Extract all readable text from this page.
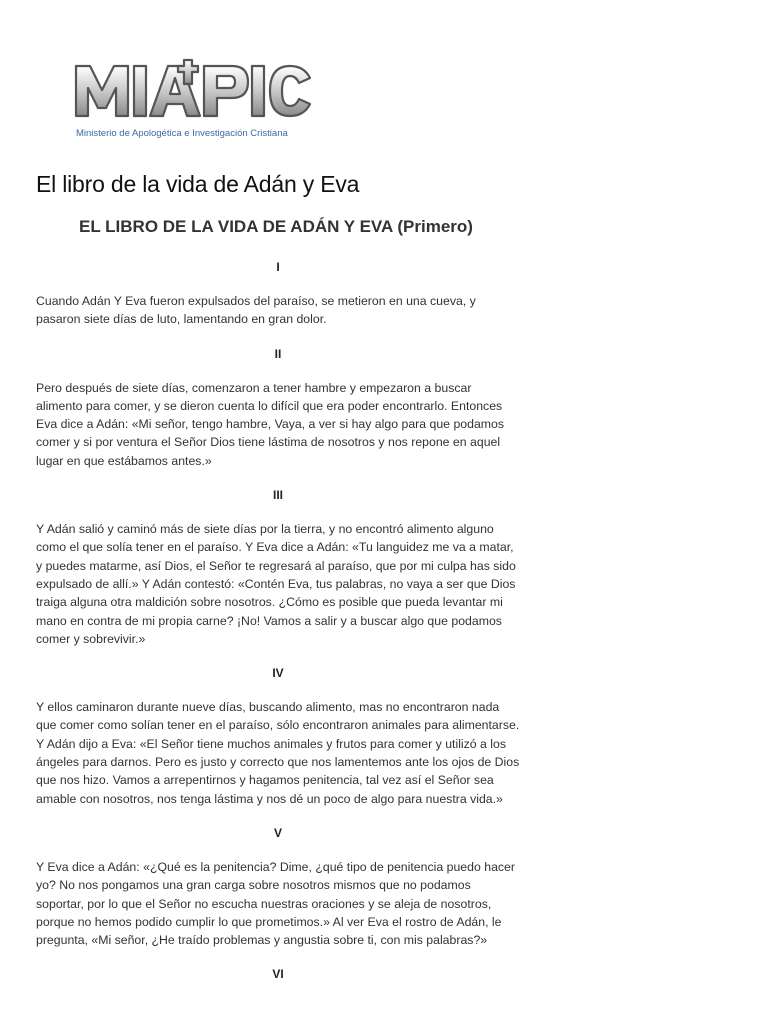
Ministerio de Apologética e Investigación Cristiana
El libro de la vida de Adán y Eva
EL LIBRO DE LA VIDA DE ADÁN Y EVA (Primero)

I

Cuando Adán Y Eva fueron expulsados del paraíso, se metieron en una cueva, y pasaron siete días de luto, lamentando en gran dolor.

II

Pero después de siete días, comenzaron a tener hambre y empezaron a buscar alimento para comer, y se dieron cuenta lo difícil que era poder encontrarlo. Entonces Eva dice a Adán: «Mi señor, tengo hambre, Vaya, a ver si hay algo para que podamos comer y si por ventura el Señor Dios tiene lástima de nosotros y nos repone en aquel lugar en que estábamos antes.»

III

Y Adán salió y caminó más de siete días por la tierra, y no encontró alimento alguno como el que solía tener en el paraíso. Y Eva dice a Adán: «Tu languidez me va a matar, y puedes matarme, así Dios, el Señor te regresará al paraíso, que por mi culpa has sido expulsado de allí.» Y Adán contestó: «Contén Eva, tus palabras, no vaya a ser que Dios traiga alguna otra maldición sobre nosotros. ¿Cómo es posible que pueda levantar mi mano en contra de mi propia carne? ¡No! Vamos a salir y a buscar algo que podamos comer y sobrevivir.»

IV

Y ellos caminaron durante nueve días, buscando alimento, mas no encontraron nada que comer como solían tener en el paraíso, sólo encontraron animales para alimentarse. Y Adán dijo a Eva: «El Señor tiene muchos animales y frutos para comer y utilizó a los ángeles para darnos. Pero es justo y correcto que nos lamentemos ante los ojos de Dios que nos hizo. Vamos a arrepentirnos y hagamos penitencia, tal vez así el Señor sea amable con nosotros, nos tenga lástima y nos dé un poco de algo para nuestra vida.»

V

Y Eva dice a Adán: «¿Qué es la penitencia? Dime, ¿qué tipo de penitencia puedo hacer yo? No nos pongamos una gran carga sobre nosotros mismos que no podamos soportar, por lo que el Señor no escucha nuestras oraciones y se aleja de nosotros, porque no hemos podido cumplir lo que prometimos.» Al ver Eva el rostro de Adán, le pregunta, «Mi señor, ¿He traído problemas y angustia sobre ti, con mis palabras?»

VI
